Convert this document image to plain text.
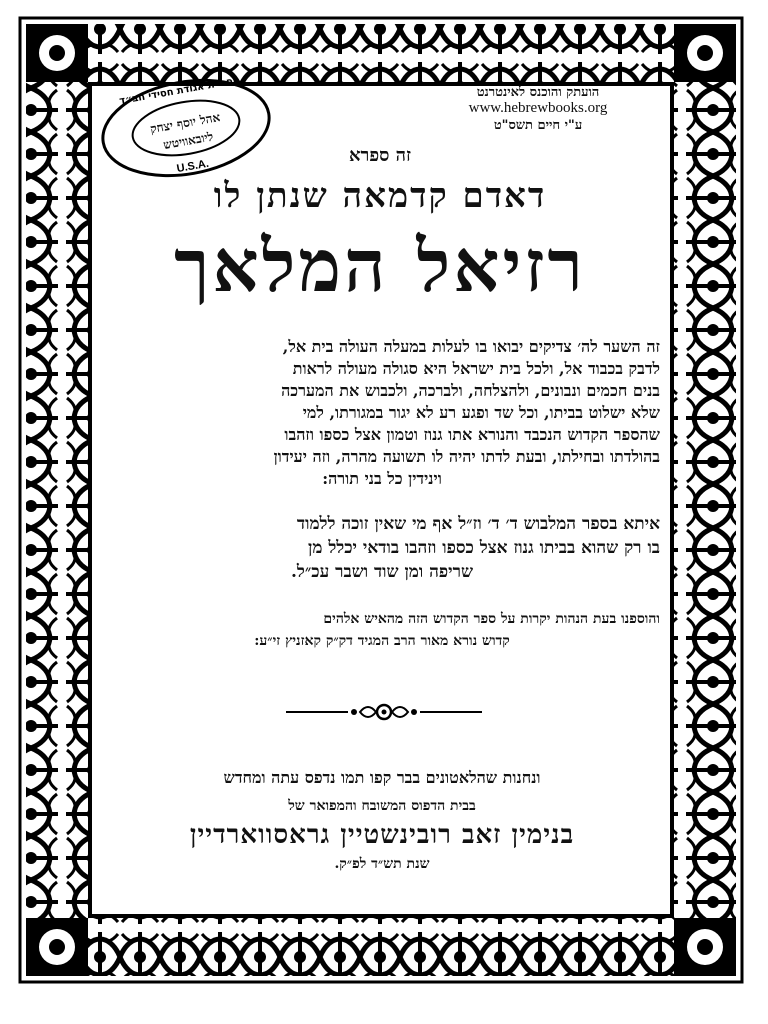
ספריית אגודת חסידי חב״ד
U.S.A.
אהל יוסף יצחק
ליובאוויטש
הועתק והוכנס לאינטרנט
www.hebrewbooks.org
ע"י חיים תשס"ט
זה ספרא
דאדם קדמאה שנתן לו
רזיאל המלאך
זה השער לה׳ צדיקים יבואו בו לעלות במעלה העולה בית אל,
לדבק בכבוד אל, ולכל בית ישראל היא סגולה מעולה לראות
בנים חכמים ונבונים, ולהצלחה, ולברכה, ולכבוש את המערכה
שלא ישלוט בביתו, וכל שד ופגע רע לא יגור במגורתו, למי
שהספר הקדוש הנכבד והנורא אתו גנוז וטמון אצל כספו וזהבו
בהולדתו ובחילתו, ובעת לדתו יהיה לו תשועה מהרה, וזה יעידון
וינידין כל בני תורה:
איתא בספר המלבוש ד׳ ד׳ וז״ל אף מי שאין זוכה ללמוד
בו רק שהוא בביתו גנוז אצל כספו וזהבו בודאי יכלל מן
שריפה ומן שוד ושבר עכ״ל.
והוספנו בעת הנהות יקרות על ספר הקדוש הזה מהאיש אלהים
קדוש נורא מאור הרב המגיד דק״ק קאזניץ זי״ע:
ונחנות שהלאטונים בבר קפו תמו נדפס עתה ומחדש
בבית הדפוס המשובח והמפואר של
בנימין זאב רובינשטיין גראסווארדיין
שנת תש״ד לפ״ק.
